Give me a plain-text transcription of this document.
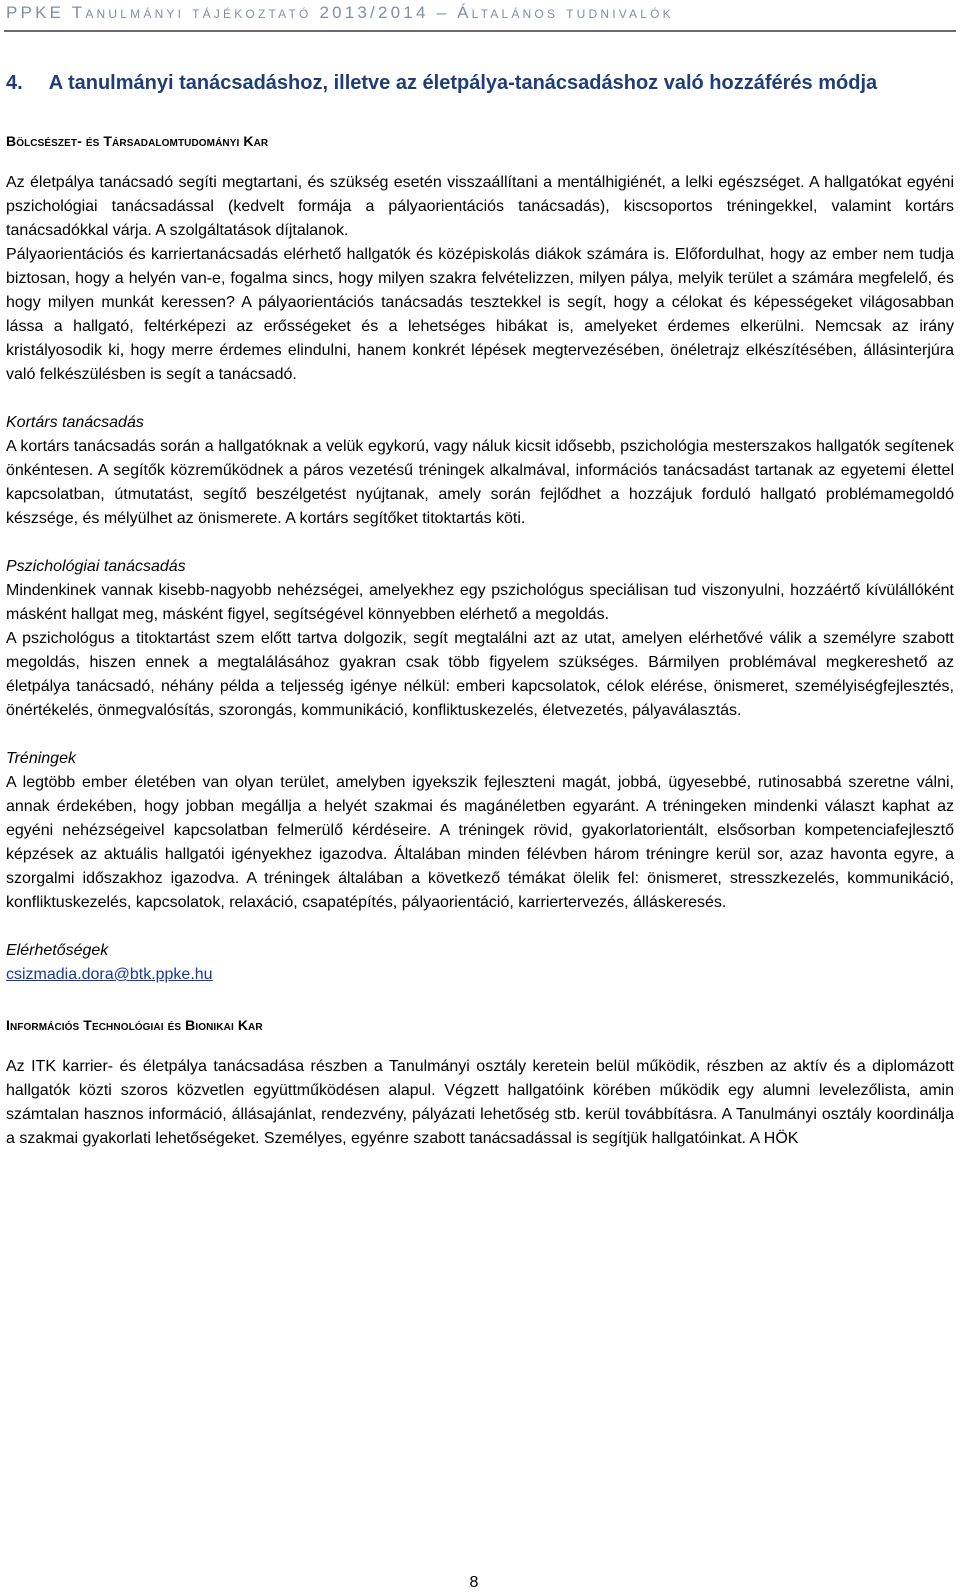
PPKE Tanulmányi tájékoztató 2013/2014 – Általános tudnivalók
4. A tanulmányi tanácsadáshoz, illetve az életpálya-tanácsadáshoz való hozzáférés módja
Bölcsészet- és Társadalomtudományi Kar

Az életpálya tanácsadó segíti megtartani, és szükség esetén visszaállítani a mentálhigiénét, a lelki egészséget. A hallgatókat egyéni pszichológiai tanácsadással (kedvelt formája a pályaorientációs tanácsadás), kiscsoportos tréningekkel, valamint kortárs tanácsadókkal várja. A szolgáltatások díjtalanok.

Pályaorientációs és karriertanácsadás elérhető hallgatók és középiskolás diákok számára is. Előfordulhat, hogy az ember nem tudja biztosan, hogy a helyén van-e, fogalma sincs, hogy milyen szakra felvételizzen, milyen pálya, melyik terület a számára megfelelő, és hogy milyen munkát keressen? A pályaorientációs tanácsadás tesztekkel is segít, hogy a célokat és képességeket világosabban lássa a hallgató, feltérképezi az erősségeket és a lehetséges hibákat is, amelyeket érdemes elkerülni. Nemcsak az irány kristályosodik ki, hogy merre érdemes elindulni, hanem konkrét lépések megtervezésében, önéletrajz elkészítésében, állásinterjúra való felkészülésben is segít a tanácsadó.

Kortárs tanácsadás

A kortárs tanácsadás során a hallgatóknak a velük egykorú, vagy náluk kicsit idősebb, pszichológia mesterszakos hallgatók segítenek önkéntesen. A segítők közreműködnek a páros vezetésű tréningek alkalmával, információs tanácsadást tartanak az egyetemi élettel kapcsolatban, útmutatást, segítő beszélgetést nyújtanak, amely során fejlődhet a hozzájuk forduló hallgató problémamegoldó készsége, és mélyülhet az önismerete. A kortárs segítőket titoktartás köti.

Pszichológiai tanácsadás

Mindenkinek vannak kisebb-nagyobb nehézségei, amelyekhez egy pszichológus speciálisan tud viszonyulni, hozzáértő kívülállóként másként hallgat meg, másként figyel, segítségével könnyebben elérhető a megoldás.

A pszichológus a titoktartást szem előtt tartva dolgozik, segít megtalálni azt az utat, amelyen elérhetővé válik a személyre szabott megoldás, hiszen ennek a megtalálásához gyakran csak több figyelem szükséges. Bármilyen problémával megkereshető az életpálya tanácsadó, néhány példa a teljesség igénye nélkül: emberi kapcsolatok, célok elérése, önismeret, személyiségfejlesztés, önértékelés, önmegvalósítás, szorongás, kommunikáció, konfliktuskezelés, életvezetés, pályaválasztás.

Tréningek

A legtöbb ember életében van olyan terület, amelyben igyekszik fejleszteni magát, jobbá, ügyesebbé, rutinosabbá szeretne válni, annak érdekében, hogy jobban megállja a helyét szakmai és magánéletben egyaránt. A tréningeken mindenki választ kaphat az egyéni nehézségeivel kapcsolatban felmerülő kérdéseire. A tréningek rövid, gyakorlatorientált, elsősorban kompetenciafejlesztő képzések az aktuális hallgatói igényekhez igazodva. Általában minden félévben három tréningre kerül sor, azaz havonta egyre, a szorgalmi időszakhoz igazodva. A tréningek általában a következő témákat ölelik fel: önismeret, stresszkezelés, kommunikáció, konfliktuskezelés, kapcsolatok, relaxáció, csapatépítés, pályaorientáció, karriertervezés, álláskeresés.

Elérhetőségek
csizmadia.dora@btk.ppke.hu
Információs Technológiai és Bionikai Kar

Az ITK karrier- és életpálya tanácsadása részben a Tanulmányi osztály keretein belül működik, részben az aktív és a diplomázott hallgatók közti szoros közvetlen együttműködésen alapul. Végzett hallgatóink körében működik egy alumni levelezőlista, amin számtalan hasznos információ, állásajánlat, rendezvény, pályázati lehetőség stb. kerül továbbításra. A Tanulmányi osztály koordinálja a szakmai gyakorlati lehetőségeket. Személyes, egyénre szabott tanácsadással is segítjük hallgatóinkat. A HÖK

8
